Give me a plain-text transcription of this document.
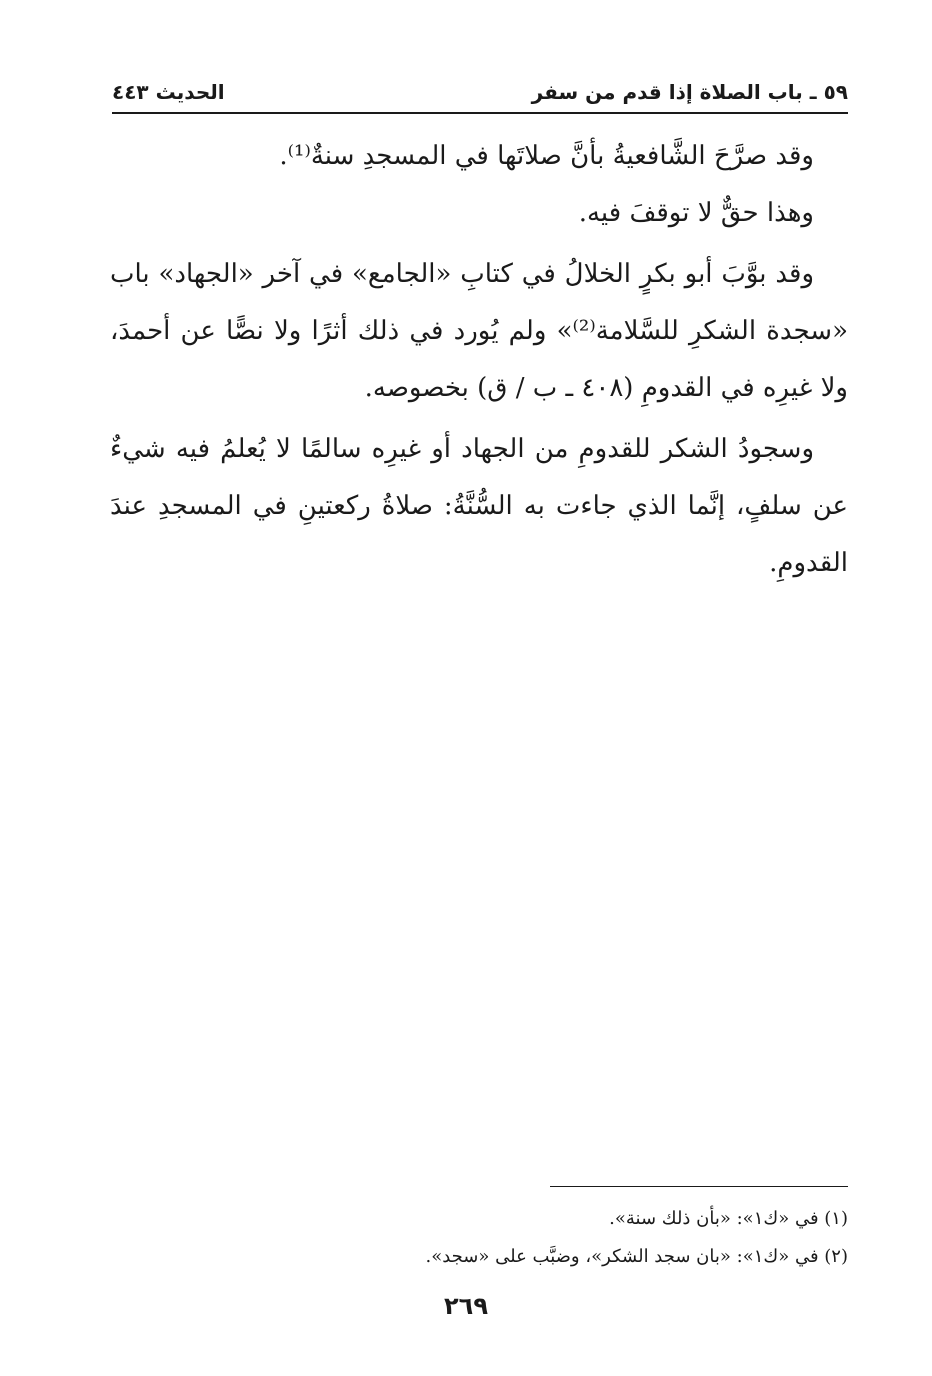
٥٩ ـ باب الصلاة إذا قدم من سفر
الحديث ٤٤٣

وقد صرَّحَ الشَّافعيةُ بأنَّ صلاتَها في المسجدِ سنةٌ⁽¹⁾.

وهذا حقٌّ لا توقفَ فيه.

وقد بوَّبَ أبو بكرٍ الخلالُ في كتابِ «الجامع» في آخر «الجهاد» باب «سجدة الشكرِ للسَّلامة⁽²⁾» ولم يُورد في ذلك أثرًا ولا نصًّا عن أحمدَ، ولا غيرِه في القدومِ (٤٠٨ ـ ب / ق) بخصوصه.

وسجودُ الشكر للقدومِ من الجهاد أو غيرِه سالمًا لا يُعلمُ فيه شيءٌ عن سلفٍ، إنَّما الذي جاءت به السُّنَّةُ: صلاةُ ركعتينِ في المسجدِ عندَ القدومِ.

(١) في «ك١»: «بأن ذلك سنة».

(٢) في «ك١»: «بان سجد الشكر»، وضبَّب على «سجد».

٢٦٩
